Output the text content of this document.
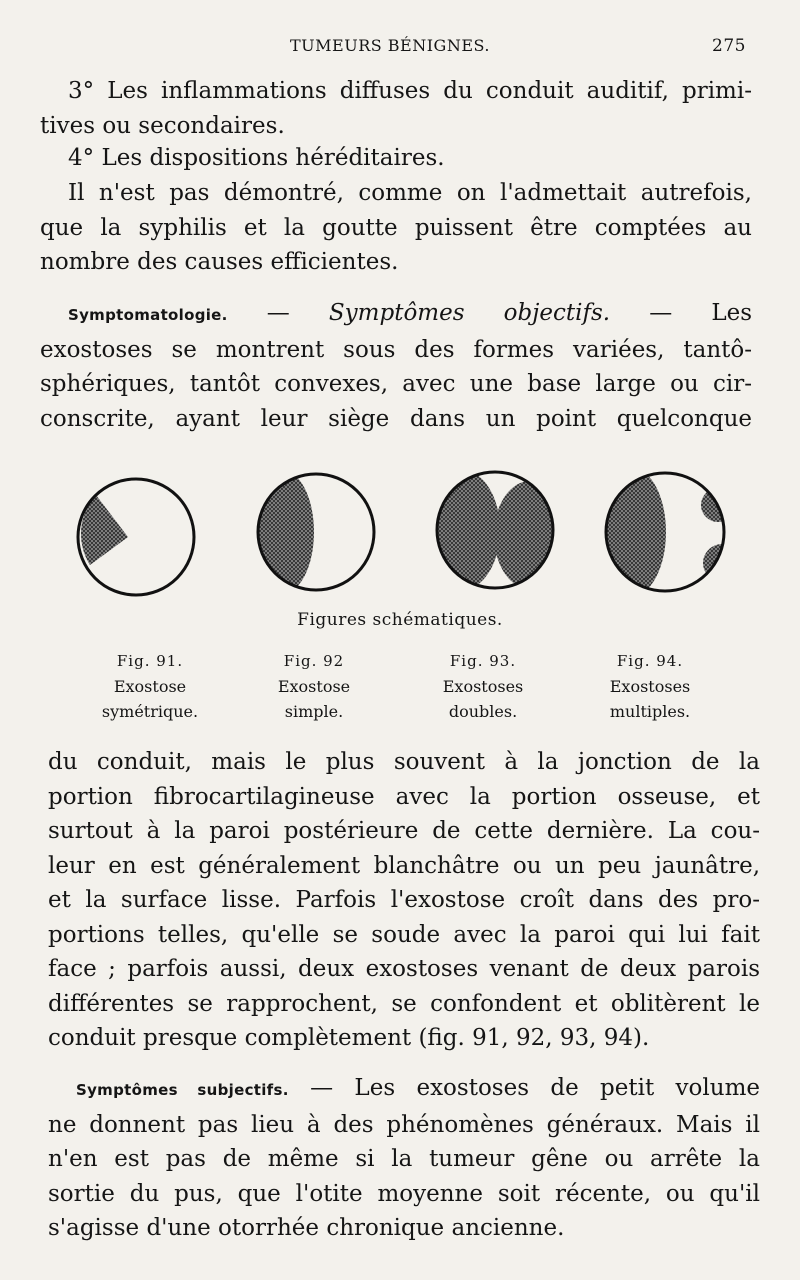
TUMEURS BÉNIGNES.	275
3° Les inflammations diffuses du conduit auditif, primi-
tives ou secondaires.
4° Les dispositions héréditaires.
Il n'est pas démontré, comme on l'admettait autrefois,
que la syphilis et la goutte puissent être comptées au
nombre des causes efficientes.
Symptomatologie. — Symptômes objectifs. — Les
exostoses se montrent sous des formes variées, tantô-
sphériques, tantôt convexes, avec une base large ou cir-
conscrite, ayant leur siège dans un point quelconque
Figures schématiques.
Fig. 91.
Exostose
symétrique.
Fig. 92
Exostose
simple.
Fig. 93.
Exostoses
doubles.
Fig. 94.
Exostoses
multiples.
du conduit, mais le plus souvent à la jonction de la
portion fibrocartilagineuse avec la portion osseuse, et
surtout à la paroi postérieure de cette dernière. La cou-
leur en est généralement blanchâtre ou un peu jaunâtre,
et la surface lisse. Parfois l'exostose croît dans des pro-
portions telles, qu'elle se soude avec la paroi qui lui fait
face ; parfois aussi, deux exostoses venant de deux parois
différentes se rapprochent, se confondent et oblitèrent le
conduit presque complètement (fig. 91, 92, 93, 94).
Symptômes subjectifs. — Les exostoses de petit volume
ne donnent pas lieu à des phénomènes généraux. Mais il
n'en est pas de même si la tumeur gêne ou arrête la
sortie du pus, que l'otite moyenne soit récente, ou qu'il
s'agisse d'une otorrhée chronique ancienne.
